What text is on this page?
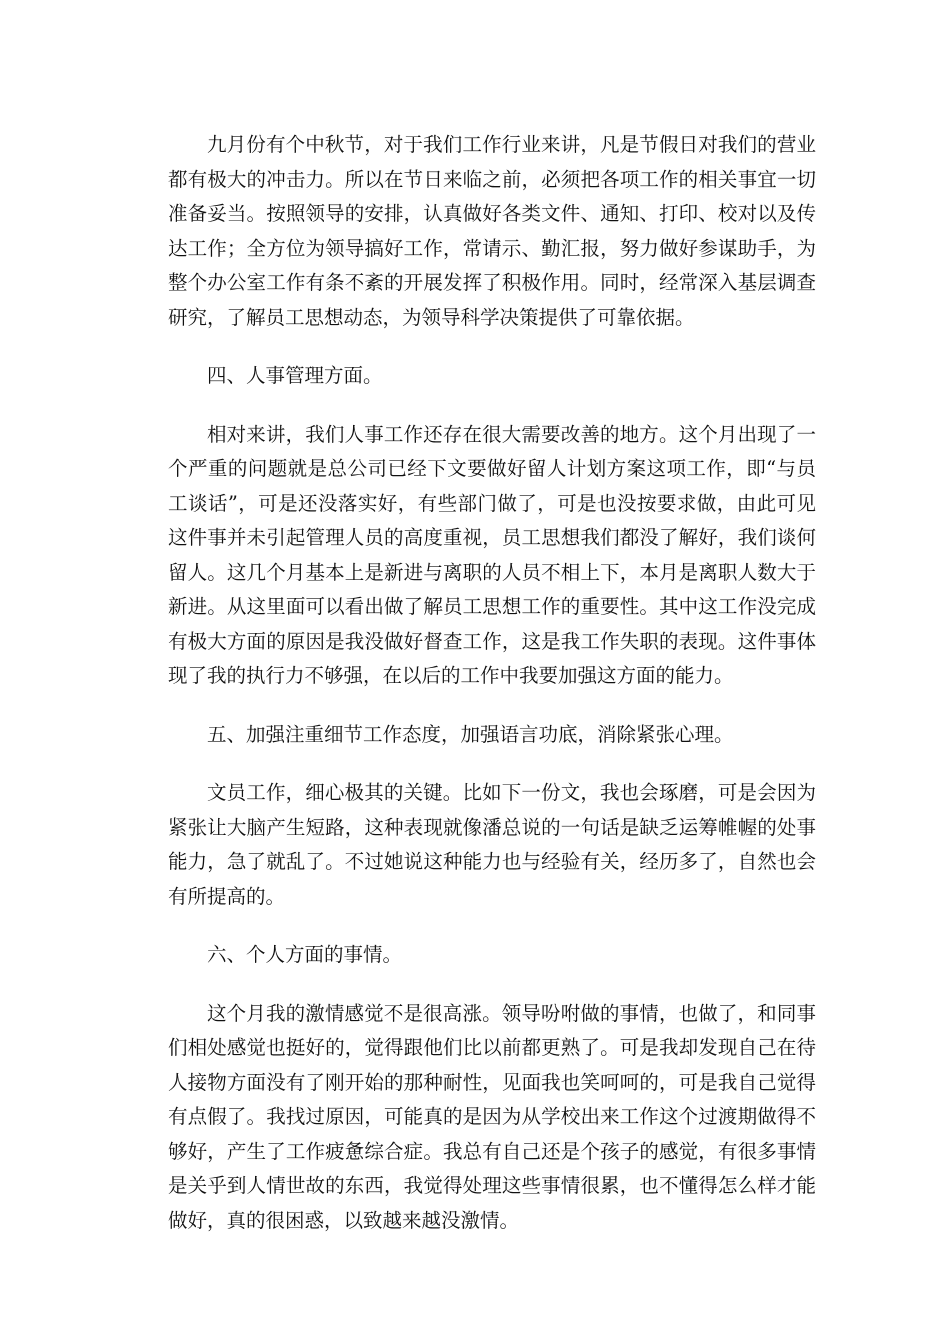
九月份有个中秋节，对于我们工作行业来讲，凡是节假日对我们的营业都有极大的冲击力。所以在节日来临之前，必须把各项工作的相关事宜一切准备妥当。按照领导的安排，认真做好各类文件、通知、打印、校对以及传达工作；全方位为领导搞好工作，常请示、勤汇报，努力做好参谋助手，为整个办公室工作有条不紊的开展发挥了积极作用。同时，经常深入基层调查研究，了解员工思想动态，为领导科学决策提供了可靠依据。

四、人事管理方面。

相对来讲，我们人事工作还存在很大需要改善的地方。这个月出现了一个严重的问题就是总公司已经下文要做好留人计划方案这项工作，即“与员工谈话”，可是还没落实好，有些部门做了，可是也没按要求做，由此可见这件事并未引起管理人员的高度重视，员工思想我们都没了解好，我们谈何留人。这几个月基本上是新进与离职的人员不相上下，本月是离职人数大于新进。从这里面可以看出做了解员工思想工作的重要性。其中这工作没完成有极大方面的原因是我没做好督查工作，这是我工作失职的表现。这件事体现了我的执行力不够强，在以后的工作中我要加强这方面的能力。

五、加强注重细节工作态度，加强语言功底，消除紧张心理。

文员工作，细心极其的关键。比如下一份文，我也会琢磨，可是会因为紧张让大脑产生短路，这种表现就像潘总说的一句话是缺乏运筹帷幄的处事能力，急了就乱了。不过她说这种能力也与经验有关，经历多了，自然也会有所提高的。

六、个人方面的事情。

这个月我的激情感觉不是很高涨。领导吩咐做的事情，也做了，和同事们相处感觉也挺好的，觉得跟他们比以前都更熟了。可是我却发现自己在待人接物方面没有了刚开始的那种耐性，见面我也笑呵呵的，可是我自己觉得有点假了。我找过原因，可能真的是因为从学校出来工作这个过渡期做得不够好，产生了工作疲惫综合症。我总有自己还是个孩子的感觉，有很多事情是关乎到人情世故的东西，我觉得处理这些事情很累，也不懂得怎么样才能做好，真的很困惑，以致越来越没激情。
